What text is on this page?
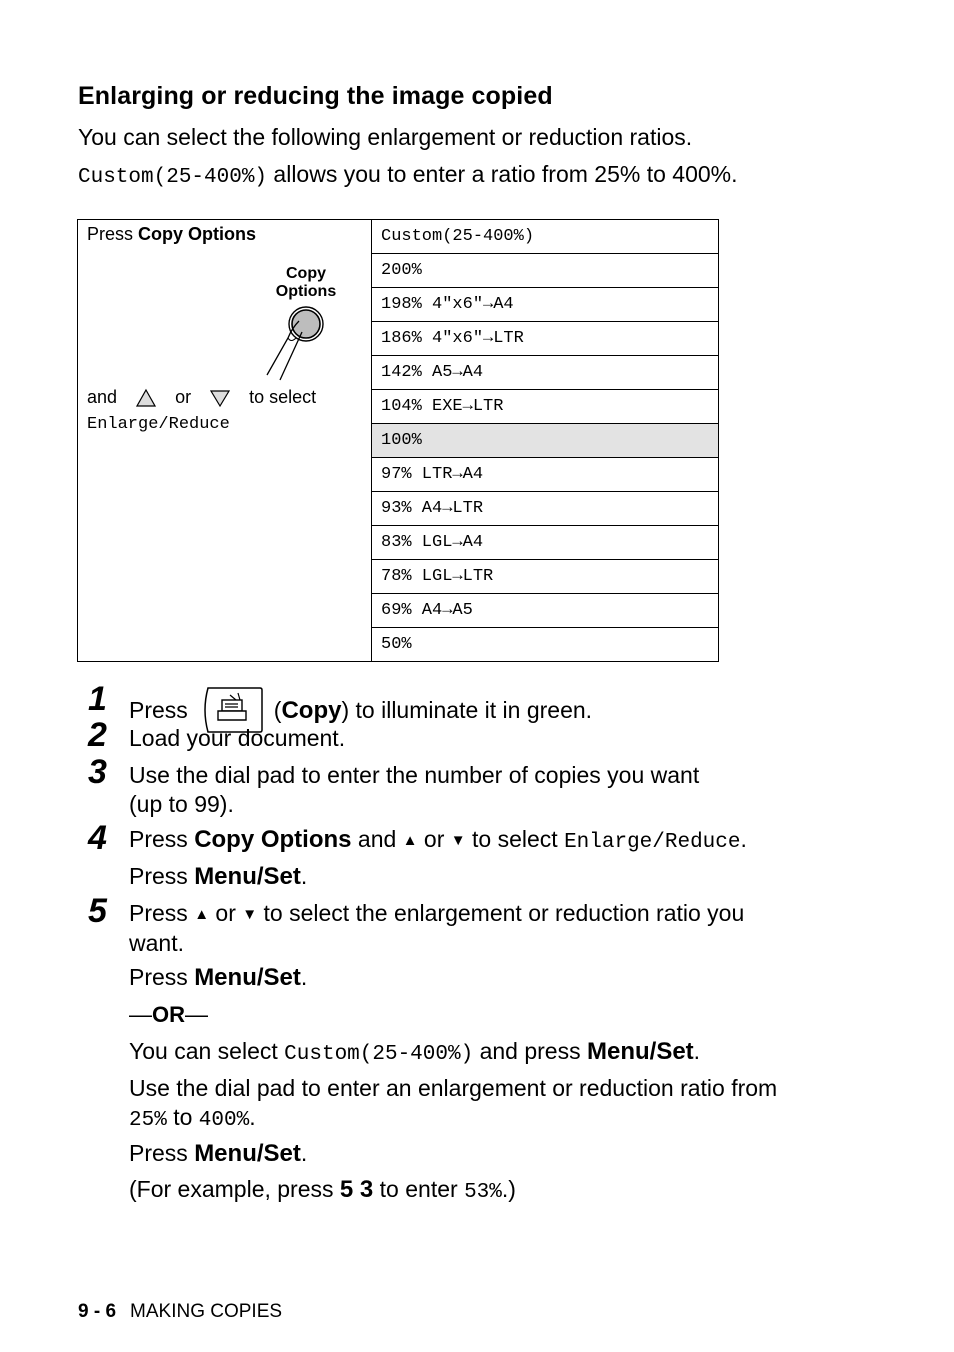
Enlarging or reducing the image copied

You can select the following enlargement or reduction ratios.

Custom(25-400%) allows you to enter a ratio from 25% to 400%.

Press Copy Options
Copy
Options
and	or	to select
Enlarge/Reduce
	Custom(25-400%)
200%
198% 4"x6"→A4
186% 4"x6"→LTR
142% A5→A4
104% EXE→LTR
100%
97% LTR→A4
93% A4→LTR
83% LGL→A4
78% LGL→LTR
69% A4→A5
50%
1 Press	(Copy) to illuminate it in green.

2 Load your document.

3 Use the dial pad to enter the number of copies you want

(up to 99).

4 Press Copy Options and ▲ or ▼ to select Enlarge/Reduce.

Press Menu/Set.

5 Press ▲ or ▼ to select the enlargement or reduction ratio you

want.

Press Menu/Set.

—OR—

You can select Custom(25-400%) and press Menu/Set.

Use the dial pad to enter an enlargement or reduction ratio from

25% to 400%.

Press Menu/Set.

(For example, press 5 3 to enter 53%.)

9 - 6 MAKING COPIES
